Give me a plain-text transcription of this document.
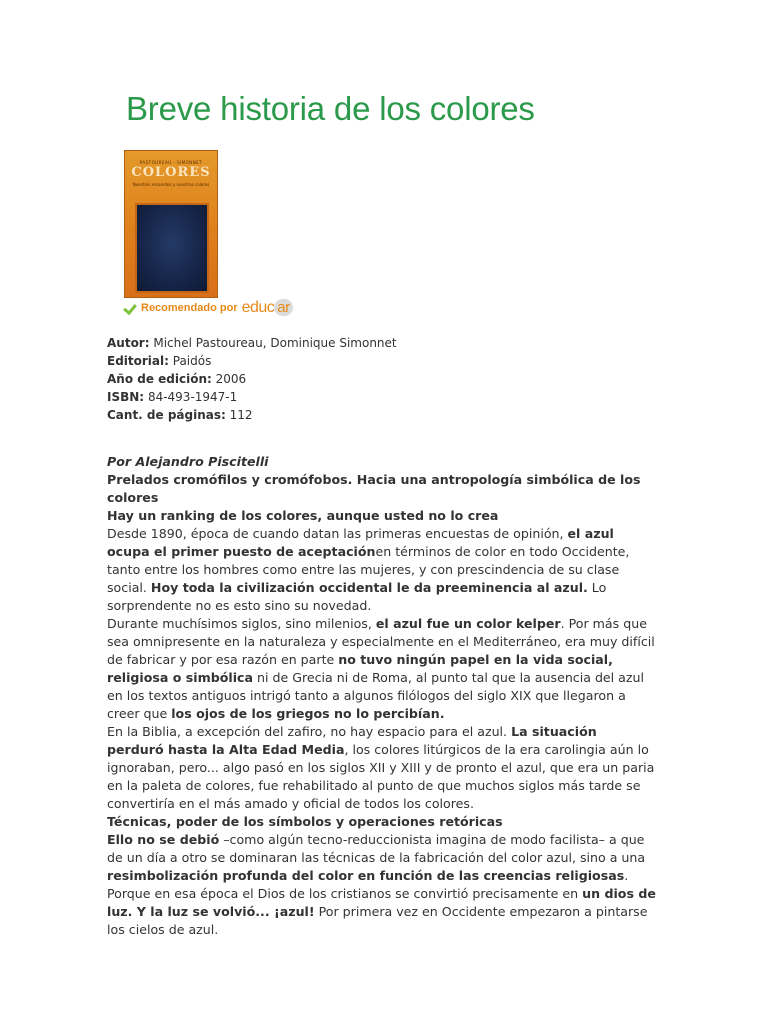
Breve historia de los colores
PASTOUREAU · SIMONNET
COLORES
Nuestros recuerdos y nuestros colores
Recomendado por educ ar
Autor: Michel Pastoureau, Dominique Simonnet
Editorial: Paidós
Año de edición: 2006
ISBN: 84-493-1947-1
Cant. de páginas: 112

Por Alejandro Piscitelli

Prelados cromófilos y cromófobos. Hacia una antropología simbólica de los colores

Hay un ranking de los colores, aunque usted no lo crea

Desde 1890, época de cuando datan las primeras encuestas de opinión, el azul ocupa el primer puesto de aceptaciónen términos de color en todo Occidente, tanto entre los hombres como entre las mujeres, y con prescindencia de su clase social. Hoy toda la civilización occidental le da preeminencia al azul. Lo sorprendente no es esto sino su novedad.

Durante muchísimos siglos, sino milenios, el azul fue un color kelper. Por más que sea omnipresente en la naturaleza y especialmente en el Mediterráneo, era muy difícil de fabricar y por esa razón en parte no tuvo ningún papel en la vida social, religiosa o simbólica ni de Grecia ni de Roma, al punto tal que la ausencia del azul en los textos antiguos intrigó tanto a algunos filólogos del siglo XIX que llegaron a creer que los ojos de los griegos no lo percibían.

En la Biblia, a excepción del zafiro, no hay espacio para el azul. La situación perduró hasta la Alta Edad Media, los colores litúrgicos de la era carolingia aún lo ignoraban, pero... algo pasó en los siglos XII y XIII y de pronto el azul, que era un paria en la paleta de colores, fue rehabilitado al punto de que muchos siglos más tarde se convertiría en el más amado y oficial de todos los colores.

Técnicas, poder de los símbolos y operaciones retóricas

Ello no se debió –como algún tecno-reduccionista imagina de modo facilista– a que de un día a otro se dominaran las técnicas de la fabricación del color azul, sino a una resimbolización profunda del color en función de las creencias religiosas.

Porque en esa época el Dios de los cristianos se convirtió precisamente en un dios de luz. Y la luz se volvió... ¡azul! Por primera vez en Occidente empezaron a pintarse los cielos de azul.
